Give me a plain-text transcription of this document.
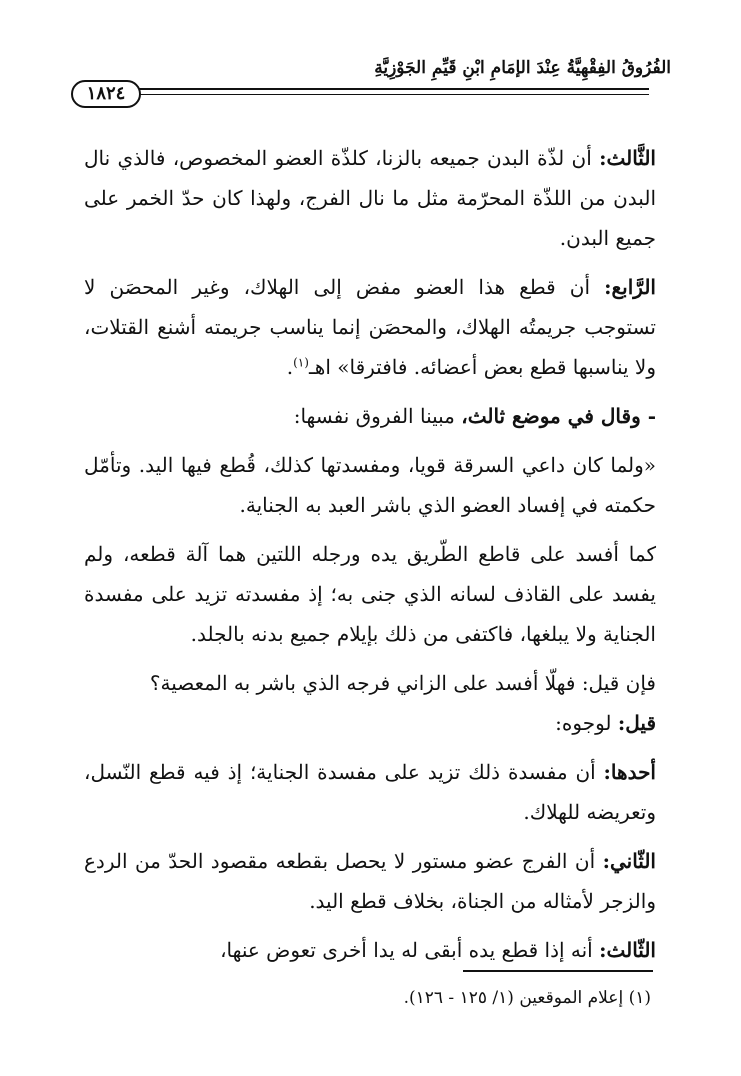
الفُرُوقُ الفِقْهِيَّةُ عِنْدَ الإمَامِ ابْنِ قَيِّمِ الجَوْزِيَّةِ
١٨٢٤

الثَّالث: أن لذّة البدن جميعه بالزنا، كلذّة العضو المخصوص، فالذي نال البدن من اللذّة المحرّمة مثل ما نال الفرج، ولهذا كان حدّ الخمر على جميع البدن.

الرَّابع: أن قطع هذا العضو مفض إلى الهلاك، وغير المحصَن لا تستوجب جريمتُه الهلاك، والمحصَن إنما يناسب جريمته أشنع القتلات، ولا يناسبها قطع بعض أعضائه. فافترقا» اهـ$^{(١)}$.

- وقال في موضع ثالث، مبينا الفروق نفسها:

«ولما كان داعي السرقة قويا، ومفسدتها كذلك، قُطع فيها اليد. وتأمّل حكمته في إفساد العضو الذي باشر العبد به الجناية.

كما أفسد على قاطع الطّريق يده ورجله اللتين هما آلة قطعه، ولم يفسد على القاذف لسانه الذي جنى به؛ إذ مفسدته تزيد على مفسدة الجناية ولا يبلغها، فاكتفى من ذلك بإيلام جميع بدنه بالجلد.

فإن قيل: فهلّا أفسد على الزاني فرجه الذي باشر به المعصية؟

قيل: لوجوه:

أحدها: أن مفسدة ذلك تزيد على مفسدة الجناية؛ إذ فيه قطع النّسل، وتعريضه للهلاك.

الثّاني: أن الفرج عضو مستور لا يحصل بقطعه مقصود الحدّ من الردع والزجر لأمثاله من الجناة، بخلاف قطع اليد.

الثّالث: أنه إذا قطع يده أبقى له يدا أخرى تعوض عنها،

(١) إعلام الموقعين (١/ ١٢٥ - ١٢٦).
